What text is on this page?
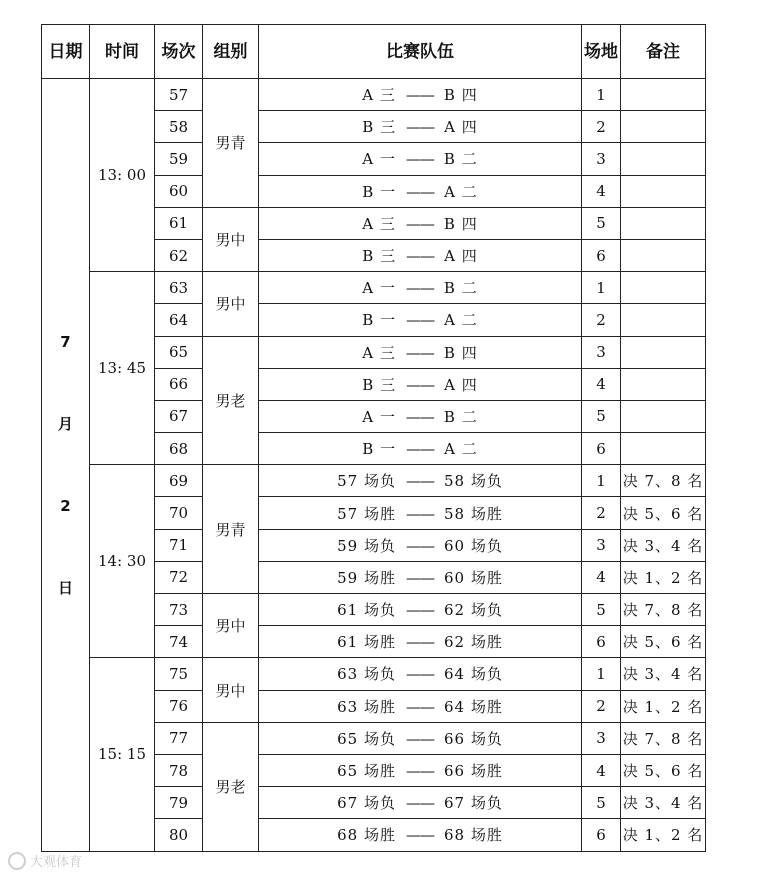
日期	时间	场次	组别	比赛队伍	场地	备注

7
月
2
日	13: 00	57	男青	A 三 —— B 四	1	
		58		B 三 —— A 四	2	
		59		A 一 —— B 二	3	
		60		B 一 —— A 二	4	
		61	男中	A 三 —— B 四	5	
		62		B 三 —— A 四	6	
	13: 45	63	男中	A 一 —— B 二	1	
		64		B 一 —— A 二	2	
		65	男老	A 三 —— B 四	3	
		66		B 三 —— A 四	4	
		67		A 一 —— B 二	5	
		68		B 一 —— A 二	6	
	14: 30	69	男青	57 场负 —— 58 场负	1	决 7、8 名
		70		57 场胜 —— 58 场胜	2	决 5、6 名
		71		59 场负 —— 60 场负	3	决 3、4 名
		72		59 场胜 —— 60 场胜	4	决 1、2 名
		73	男中	61 场负 —— 62 场负	5	决 7、8 名
		74		61 场胜 —— 62 场胜	6	决 5、6 名
	15: 15	75	男中	63 场负 —— 64 场负	1	决 3、4 名
		76		63 场胜 —— 64 场胜	2	决 1、2 名
		77	男老	65 场负 —— 66 场负	3	决 7、8 名
		78		65 场胜 —— 66 场胜	4	决 5、6 名
		79		67 场负 —— 67 场负	5	决 3、4 名
		80		68 场胜 —— 68 场胜	6	决 1、2 名
大观体育
